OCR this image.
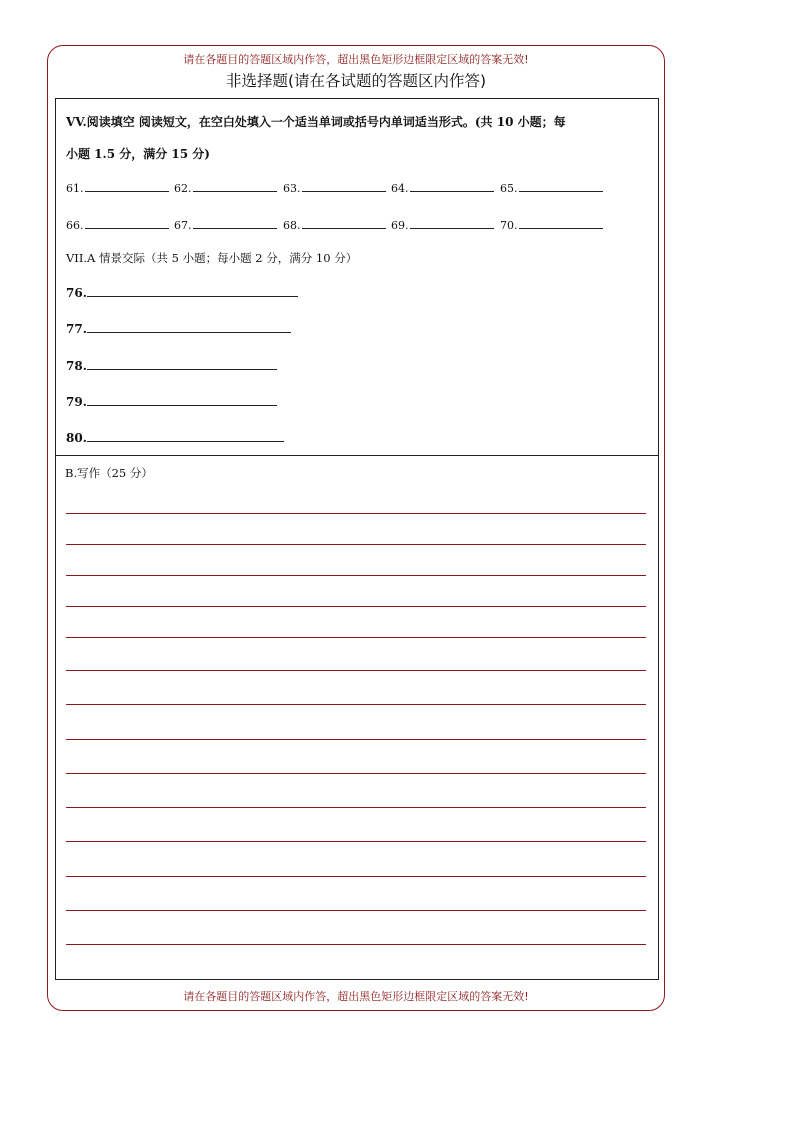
请在各题目的答题区域内作答，超出黑色矩形边框限定区域的答案无效!
非选择题(请在各试题的答题区内作答)
请在各题目的答题区域内作答，超出黑色矩形边框限定区域的答案无效!
VV.阅读填空 阅读短文，在空白处填入一个适当单词或括号内单词适当形式。(共 10 小题；每
小题 1.5 分，满分 15 分)
61.	62.	63.	64.	65.
66.	67.	68.	69.	70.
VII.A 情景交际（共 5 小题；每小题 2 分，满分 10 分）
76.
77.
78.
79.
80.
B.写作（25 分）
